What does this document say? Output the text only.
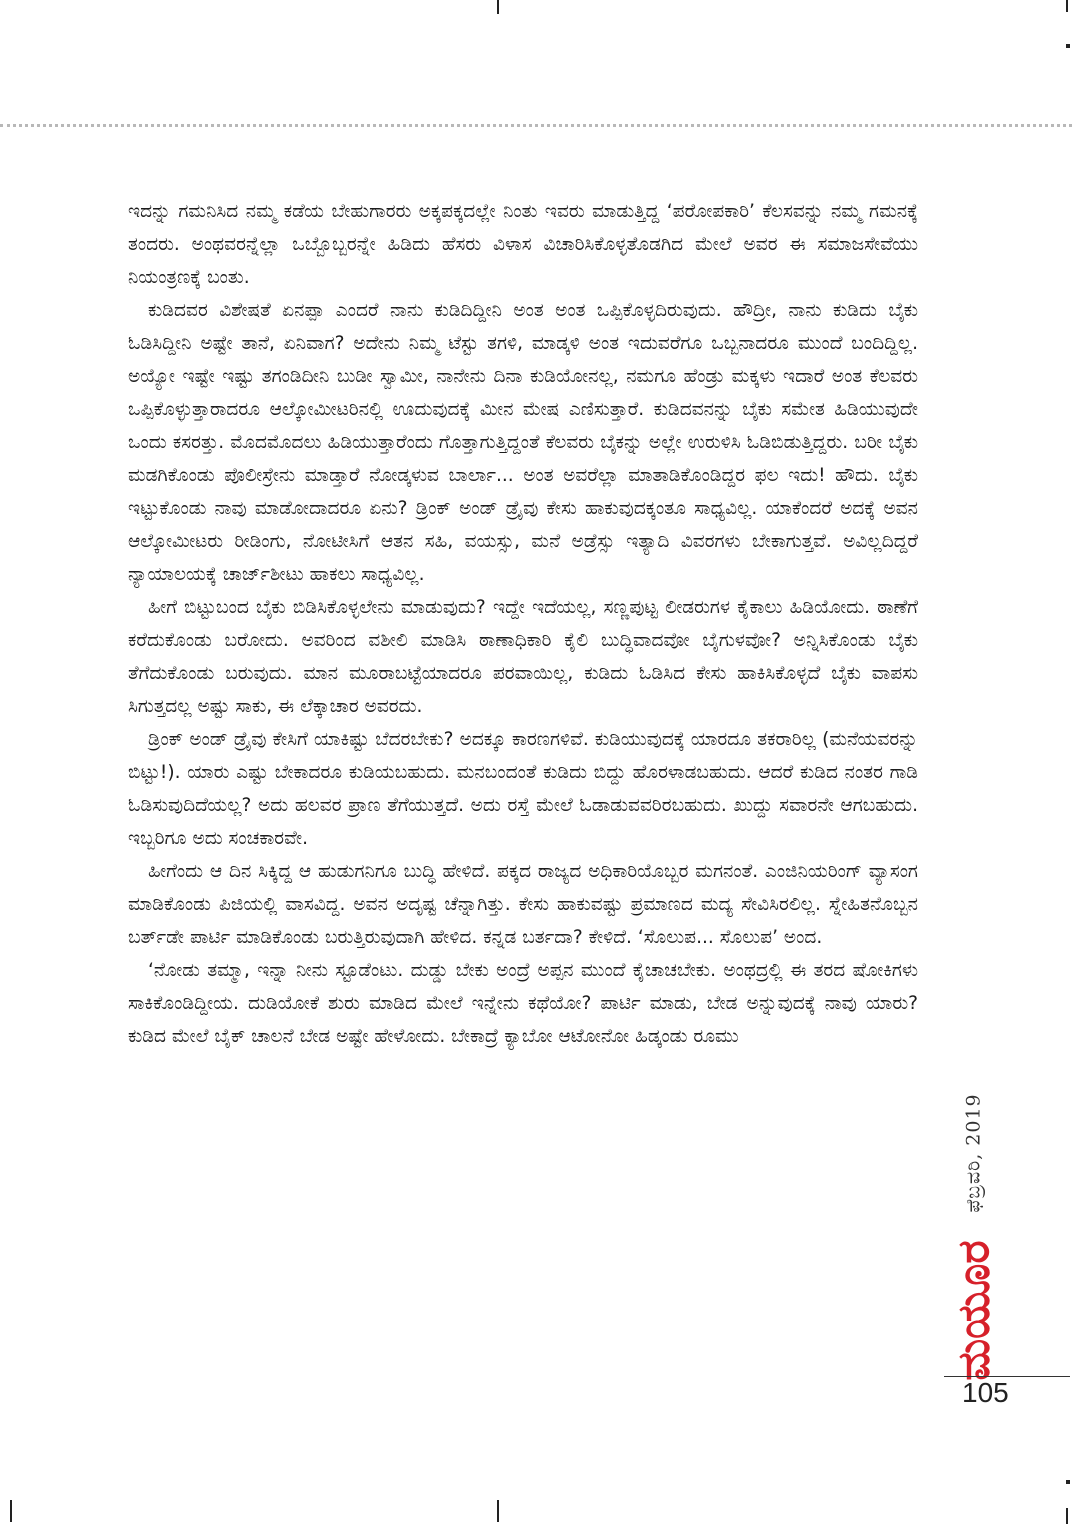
ಇದನ್ನು ಗಮನಿಸಿದ ನಮ್ಮ ಕಡೆಯ ಬೇಹುಗಾರರು ಅಕ್ಕಪಕ್ಕದಲ್ಲೇ ನಿಂತು ಇವರು ಮಾಡುತ್ತಿದ್ದ ‘ಪರೋಪಕಾರಿ’ ಕೆಲಸವನ್ನು ನಮ್ಮ ಗಮನಕ್ಕೆ ತಂದರು. ಅಂಥವರನ್ನೆಲ್ಲಾ ಒಬ್ಬೊಬ್ಬರನ್ನೇ ಹಿಡಿದು ಹೆಸರು ವಿಳಾಸ ವಿಚಾರಿಸಿಕೊಳ್ಳತೊಡಗಿದ ಮೇಲೆ ಅವರ ಈ ಸಮಾಜಸೇವೆಯು ನಿಯಂತ್ರಣಕ್ಕೆ ಬಂತು.

ಕುಡಿದವರ ವಿಶೇಷತೆ ಏನಪ್ಪಾ ಎಂದರೆ ನಾನು ಕುಡಿದಿದ್ದೀನಿ ಅಂತ ಅಂತ ಒಪ್ಪಿಕೊಳ್ಳದಿರುವುದು. ಹೌದ್ರೀ, ನಾನು ಕುಡಿದು ಬೈಕು ಓಡಿಸಿದ್ದೀನಿ ಅಷ್ಟೇ ತಾನೆ, ಏನಿವಾಗ? ಅದೇನು ನಿಮ್ಮ ಟೆಸ್ಟು ತಗಳಿ, ಮಾಡ್ಕಳಿ ಅಂತ ಇದುವರೆಗೂ ಒಬ್ಬನಾದರೂ ಮುಂದೆ ಬಂದಿದ್ದಿಲ್ಲ. ಅಯ್ಯೋ ಇಷ್ಟೇ ಇಷ್ಟು ತಗಂಡಿದೀನಿ ಬುಡೀ ಸ್ವಾಮೀ, ನಾನೇನು ದಿನಾ ಕುಡಿಯೋನಲ್ಲ, ನಮಗೂ ಹೆಂಡ್ರು ಮಕ್ಕಳು ಇದಾರೆ ಅಂತ ಕೆಲವರು ಒಪ್ಪಿಕೊಳ್ಳುತ್ತಾರಾದರೂ ಆಲ್ಕೋಮೀಟರಿನಲ್ಲಿ ಊದುವುದಕ್ಕೆ ಮೀನ ಮೇಷ ಎಣಿಸುತ್ತಾರೆ. ಕುಡಿದವನನ್ನು ಬೈಕು ಸಮೇತ ಹಿಡಿಯುವುದೇ ಒಂದು ಕಸರತ್ತು. ಮೊದಮೊದಲು ಹಿಡಿಯುತ್ತಾರೆಂದು ಗೊತ್ತಾಗುತ್ತಿದ್ದಂತೆ ಕೆಲವರು ಬೈಕನ್ನು ಅಲ್ಲೇ ಉರುಳಿಸಿ ಓಡಿಬಿಡುತ್ತಿದ್ದರು. ಬರೀ ಬೈಕು ಮಡಗಿಕೊಂಡು ಪೊಲೀಸ್ರೇನು ಮಾಡ್ತಾರೆ ನೋಡ್ಕಳುವ ಬಾರ್ಲಾ... ಅಂತ ಅವರೆಲ್ಲಾ ಮಾತಾಡಿಕೊಂಡಿದ್ದರ ಫಲ ಇದು! ಹೌದು. ಬೈಕು ಇಟ್ಟುಕೊಂಡು ನಾವು ಮಾಡೋದಾದರೂ ಏನು? ಡ್ರಿಂಕ್ ಅಂಡ್ ಡ್ರೈವು ಕೇಸು ಹಾಕುವುದಕ್ಕಂತೂ ಸಾಧ್ಯವಿಲ್ಲ. ಯಾಕೆಂದರೆ ಅದಕ್ಕೆ ಅವನ ಆಲ್ಕೋಮೀಟರು ರೀಡಿಂಗು, ನೋಟೀಸಿಗೆ ಆತನ ಸಹಿ, ವಯಸ್ಸು, ಮನೆ ಅಡ್ರೆಸ್ಸು ಇತ್ಯಾದಿ ವಿವರಗಳು ಬೇಕಾಗುತ್ತವೆ. ಅವಿಲ್ಲದಿದ್ದರೆ ನ್ಯಾಯಾಲಯಕ್ಕೆ ಚಾರ್ಜ್‌ಶೀಟು ಹಾಕಲು ಸಾಧ್ಯವಿಲ್ಲ.

ಹೀಗೆ ಬಿಟ್ಟುಬಂದ ಬೈಕು ಬಿಡಿಸಿಕೊಳ್ಳಲೇನು ಮಾಡುವುದು? ಇದ್ದೇ ಇದೆಯಲ್ಲ, ಸಣ್ಣಪುಟ್ಟ ಲೀಡರುಗಳ ಕೈಕಾಲು ಹಿಡಿಯೋದು. ಠಾಣೆಗೆ ಕರೆದುಕೊಂಡು ಬರೋದು. ಅವರಿಂದ ವಶೀಲಿ ಮಾಡಿಸಿ ಠಾಣಾಧಿಕಾರಿ ಕೈಲಿ ಬುದ್ಧಿವಾದವೋ ಬೈಗುಳವೋ? ಅನ್ನಿಸಿಕೊಂಡು ಬೈಕು ತೆಗೆದುಕೊಂಡು ಬರುವುದು. ಮಾನ ಮೂರಾಬಟ್ಟೆಯಾದರೂ ಪರವಾಯಿಲ್ಲ, ಕುಡಿದು ಓಡಿಸಿದ ಕೇಸು ಹಾಕಿಸಿಕೊಳ್ಳದೆ ಬೈಕು ವಾಪಸು ಸಿಗುತ್ತದಲ್ಲ ಅಷ್ಟು ಸಾಕು, ಈ ಲೆಕ್ಕಾಚಾರ ಅವರದು.

ಡ್ರಿಂಕ್ ಅಂಡ್ ಡ್ರೈವು ಕೇಸಿಗೆ ಯಾಕಿಷ್ಟು ಬೆದರಬೇಕು? ಅದಕ್ಕೂ ಕಾರಣಗಳಿವೆ. ಕುಡಿಯುವುದಕ್ಕೆ ಯಾರದೂ ತಕರಾರಿಲ್ಲ (ಮನೆಯವರನ್ನು ಬಿಟ್ಟು!). ಯಾರು ಎಷ್ಟು ಬೇಕಾದರೂ ಕುಡಿಯಬಹುದು. ಮನಬಂದಂತೆ ಕುಡಿದು ಬಿದ್ದು ಹೊರಳಾಡಬಹುದು. ಆದರೆ ಕುಡಿದ ನಂತರ ಗಾಡಿ ಓಡಿಸುವುದಿದೆಯಲ್ಲ? ಅದು ಹಲವರ ಪ್ರಾಣ ತೆಗೆಯುತ್ತದೆ. ಅದು ರಸ್ತೆ ಮೇಲೆ ಓಡಾಡುವವರಿರಬಹುದು. ಖುದ್ದು ಸವಾರನೇ ಆಗಬಹುದು. ಇಬ್ಬರಿಗೂ ಅದು ಸಂಚಕಾರವೇ.

ಹೀಗೆಂದು ಆ ದಿನ ಸಿಕ್ಕಿದ್ದ ಆ ಹುಡುಗನಿಗೂ ಬುದ್ಧಿ ಹೇಳಿದೆ. ಪಕ್ಕದ ರಾಜ್ಯದ ಅಧಿಕಾರಿಯೊಬ್ಬರ ಮಗನಂತೆ. ಎಂಜಿನಿಯರಿಂಗ್ ವ್ಯಾಸಂಗ ಮಾಡಿಕೊಂಡು ಪಿಜಿಯಲ್ಲಿ ವಾಸವಿದ್ದ. ಅವನ ಅದೃಷ್ಟ ಚೆನ್ನಾಗಿತ್ತು. ಕೇಸು ಹಾಕುವಷ್ಟು ಪ್ರಮಾಣದ ಮದ್ಯ ಸೇವಿಸಿರಲಿಲ್ಲ. ಸ್ನೇಹಿತನೊಬ್ಬನ ಬರ್ತ್‌ಡೇ ಪಾರ್ಟಿ ಮಾಡಿಕೊಂಡು ಬರುತ್ತಿರುವುದಾಗಿ ಹೇಳಿದ. ಕನ್ನಡ ಬರ್ತದಾ? ಕೇಳಿದೆ. ‘ಸೊಲುಪ... ಸೊಲುಪ’ ಅಂದ.

‘ನೋಡು ತಮ್ಮಾ, ಇನ್ನಾ ನೀನು ಸ್ಟೂಡೆಂಟು. ದುಡ್ಡು ಬೇಕು ಅಂದ್ರೆ ಅಪ್ಪನ ಮುಂದೆ ಕೈಚಾಚಬೇಕು. ಅಂಥದ್ರಲ್ಲಿ ಈ ತರದ ಷೋಕಿಗಳು ಸಾಕಿಕೊಂಡಿದ್ದೀಯ. ದುಡಿಯೋಕೆ ಶುರು ಮಾಡಿದ ಮೇಲೆ ಇನ್ನೇನು ಕಥೆಯೋ? ಪಾರ್ಟಿ ಮಾಡು, ಬೇಡ ಅನ್ನುವುದಕ್ಕೆ ನಾವು ಯಾರು? ಕುಡಿದ ಮೇಲೆ ಬೈಕ್ ಚಾಲನೆ ಬೇಡ ಅಷ್ಟೇ ಹೇಳೋದು. ಬೇಕಾದ್ರೆ ಕ್ಯಾಬೋ ಆಟೋನೋ ಹಿಡ್ಕಂಡು ರೂಮು

ಫೆಬ್ರವರಿ, 2019
ಮಯೂರ
105
